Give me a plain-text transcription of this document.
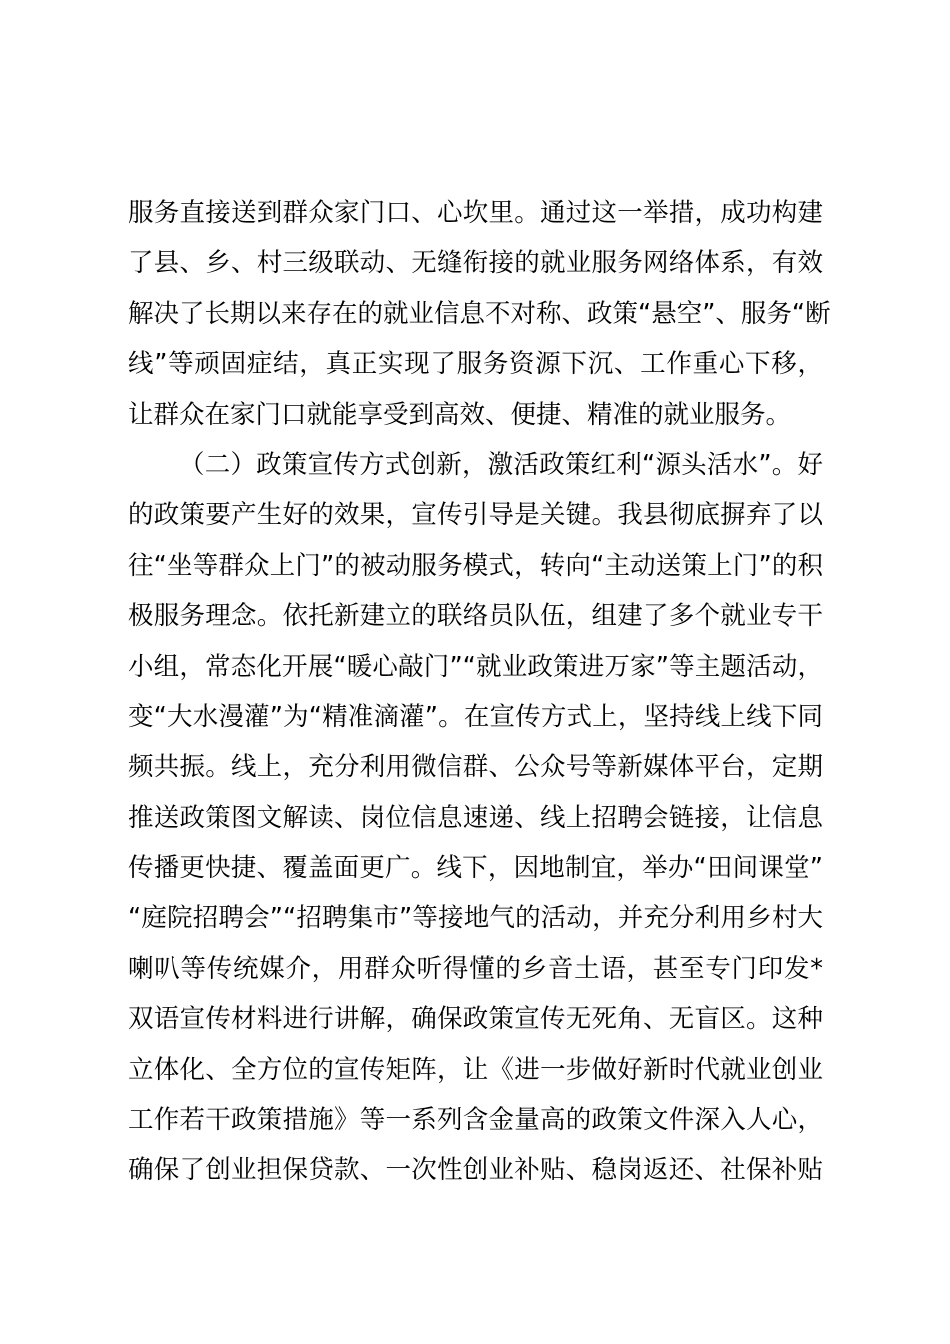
服务直接送到群众家门口、心坎里。通过这一举措，成功构建
了县、乡、村三级联动、无缝衔接的就业服务网络体系，有效
解决了长期以来存在的就业信息不对称、政策“悬空”、服务“断
线”等顽固症结，真正实现了服务资源下沉、工作重心下移，
让群众在家门口就能享受到高效、便捷、精准的就业服务。
（二）政策宣传方式创新，激活政策红利“源头活水”。好
的政策要产生好的效果，宣传引导是关键。我县彻底摒弃了以
往“坐等群众上门”的被动服务模式，转向“主动送策上门”的积
极服务理念。依托新建立的联络员队伍，组建了多个就业专干
小组，常态化开展“暖心敲门”“就业政策进万家”等主题活动，
变“大水漫灌”为“精准滴灌”。在宣传方式上，坚持线上线下同
频共振。线上，充分利用微信群、公众号等新媒体平台，定期
推送政策图文解读、岗位信息速递、线上招聘会链接，让信息
传播更快捷、覆盖面更广。线下，因地制宜，举办“田间课堂”
“庭院招聘会”“招聘集市”等接地气的活动，并充分利用乡村大
喇叭等传统媒介，用群众听得懂的乡音土语，甚至专门印发*
双语宣传材料进行讲解，确保政策宣传无死角、无盲区。这种
立体化、全方位的宣传矩阵，让《进一步做好新时代就业创业
工作若干政策措施》等一系列含金量高的政策文件深入人心，
确保了创业担保贷款、一次性创业补贴、稳岗返还、社保补贴
